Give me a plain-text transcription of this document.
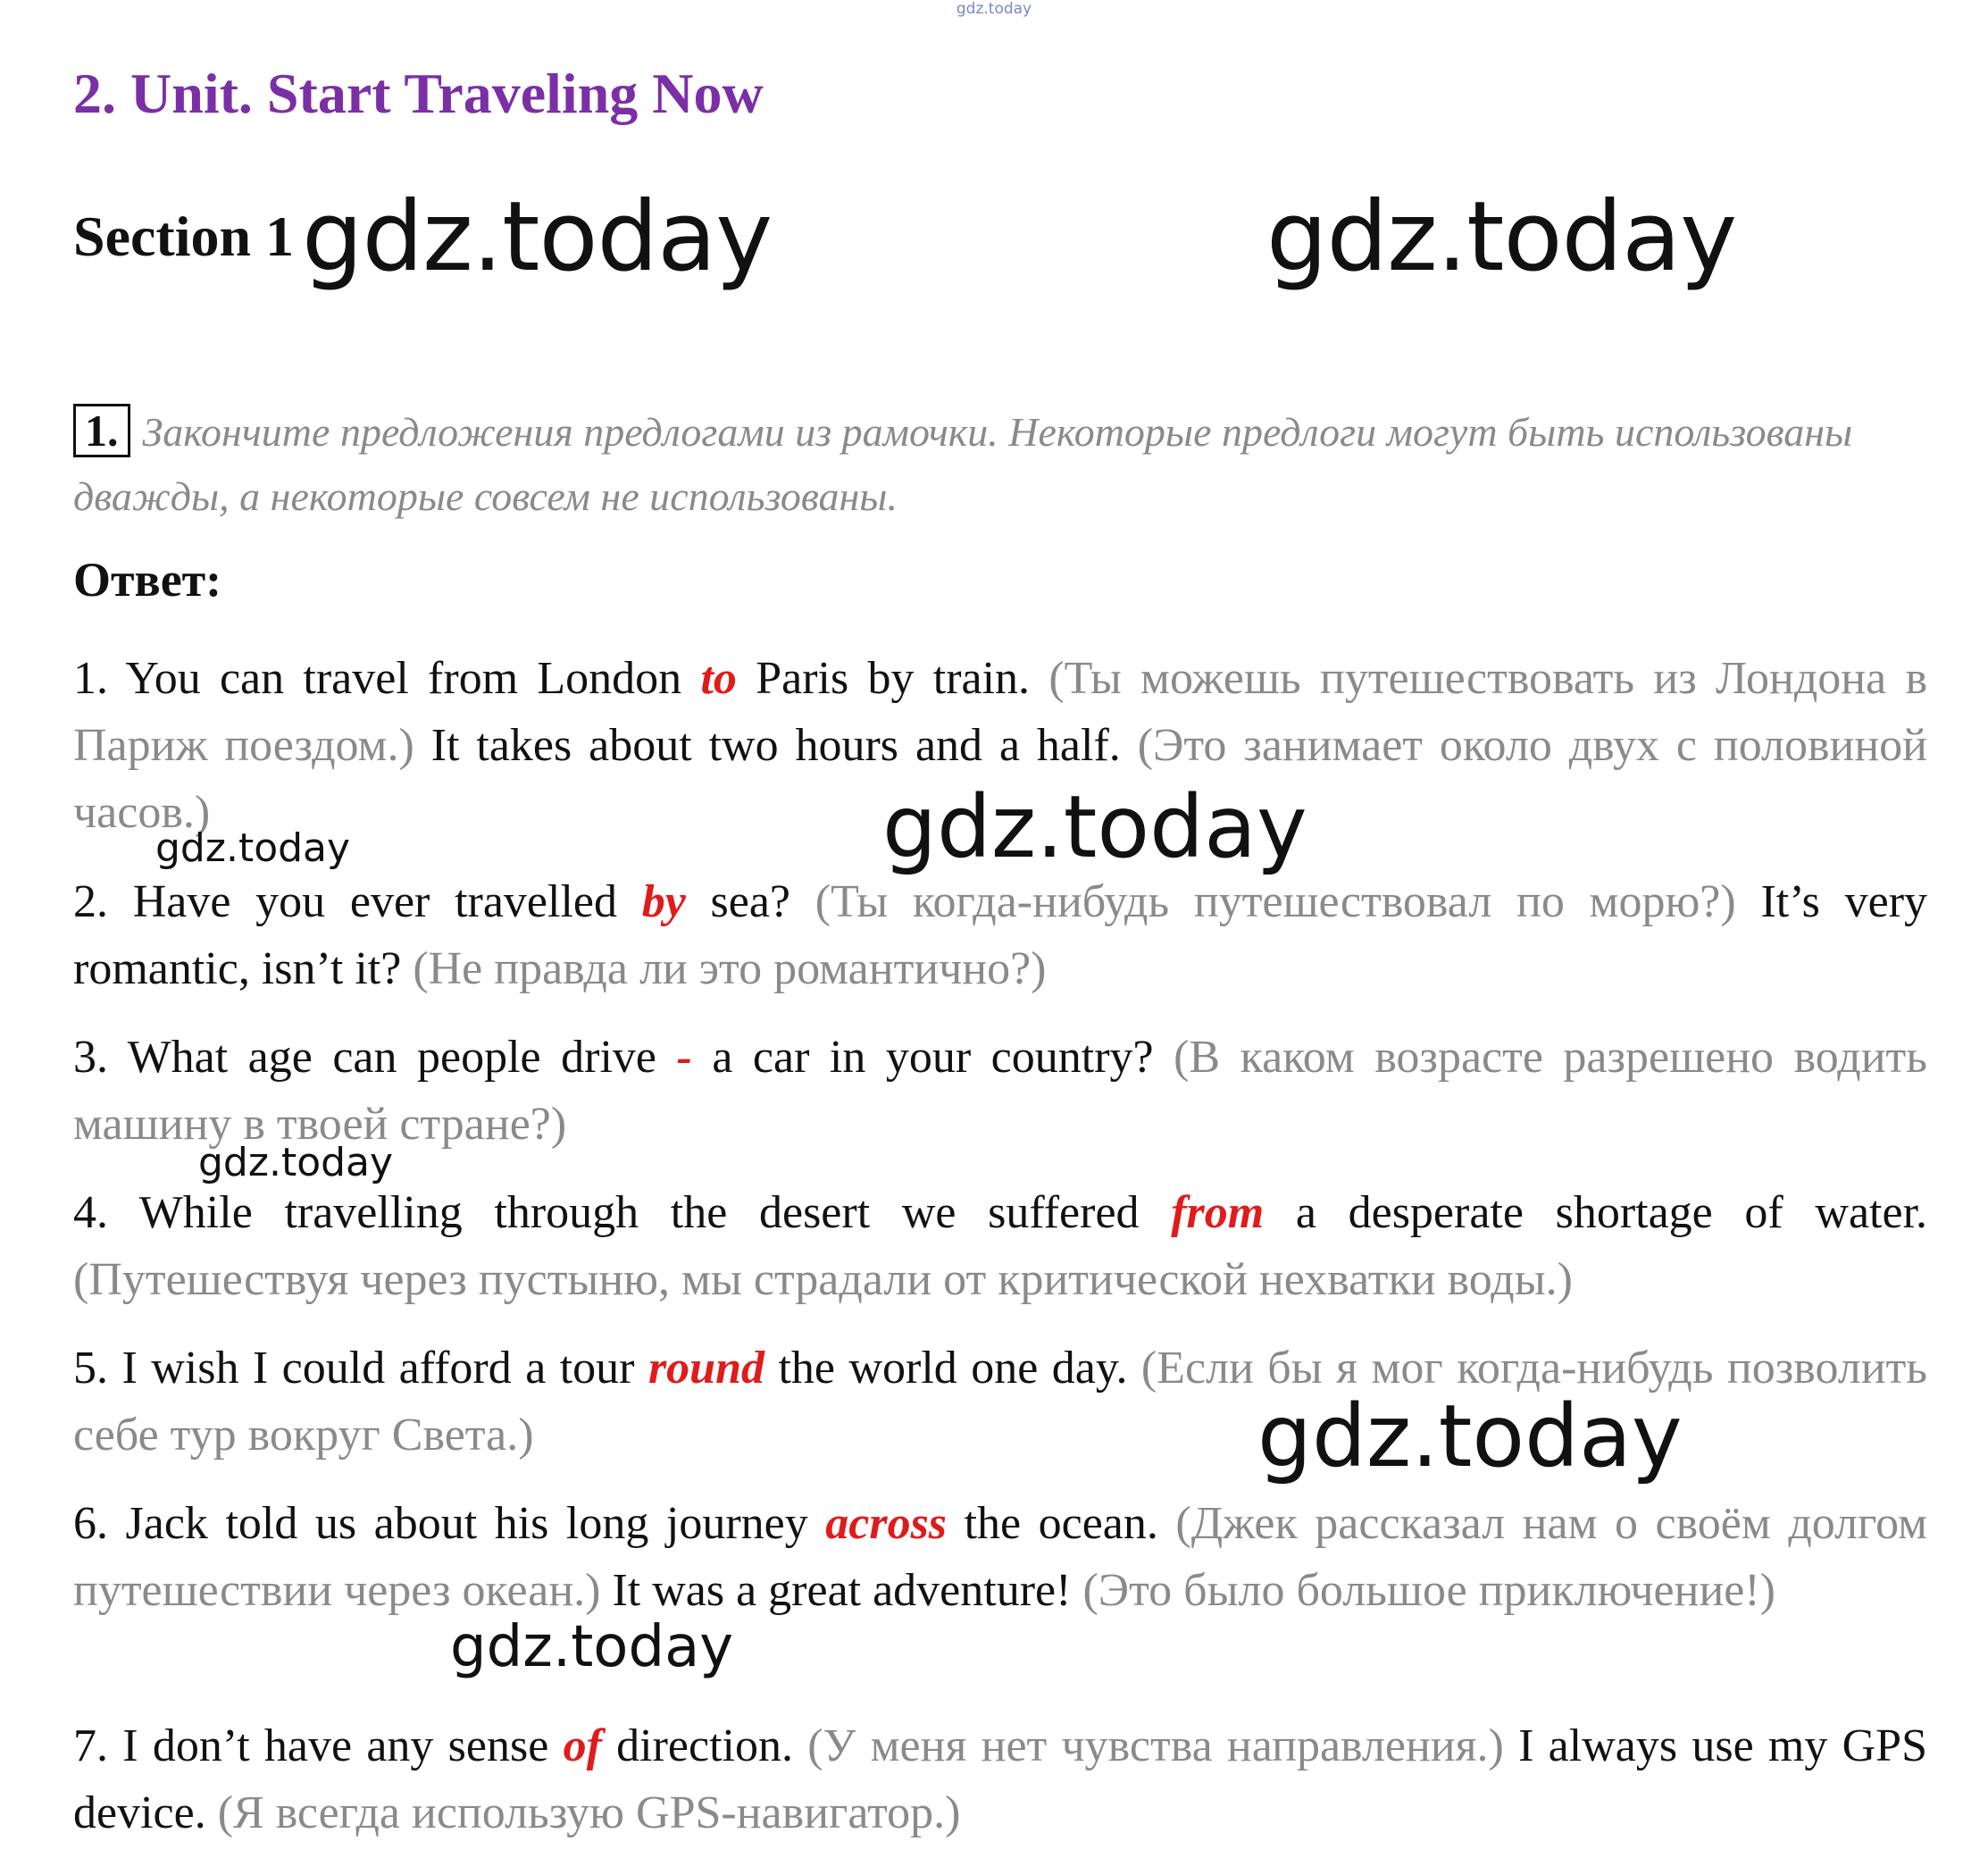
gdz.today
2. Unit. Start Traveling Now
Section 1 gdz.today	gdz.today
1. Закончите предложения предлогами из рамочки. Некоторые предлоги могут быть использованы дважды, а некоторые совсем не использованы.
Ответ:
1. You can travel from London to Paris by train. (Ты можешь путешествовать из Лондона в Париж поездом.) It takes about two hours and a half. (Это занимает около двух с половиной часов.)
2. Have you ever travelled by sea? (Ты когда-нибудь путешествовал по морю?) It’s very romantic, isn’t it? (Не правда ли это романтично?)
3. What age can people drive - a car in your country? (В каком возрасте разрешено водить машину в твоей стране?)
4. While travelling through the desert we suffered from a desperate shortage of water. (Путешествуя через пустыню, мы страдали от критической нехватки воды.)
5. I wish I could afford a tour round the world one day. (Если бы я мог когда-нибудь позволить себе тур вокруг Света.)
6. Jack told us about his long journey across the ocean. (Джек рассказал нам о своём долгом путешествии через океан.) It was a great adventure! (Это было большое приключение!)
7. I don’t have any sense of direction. (У меня нет чувства направления.) I always use my GPS device. (Я всегда использую GPS-навигатор.)
gdz.today
gdz.today
gdz.today
gdz.today
gdz.today
